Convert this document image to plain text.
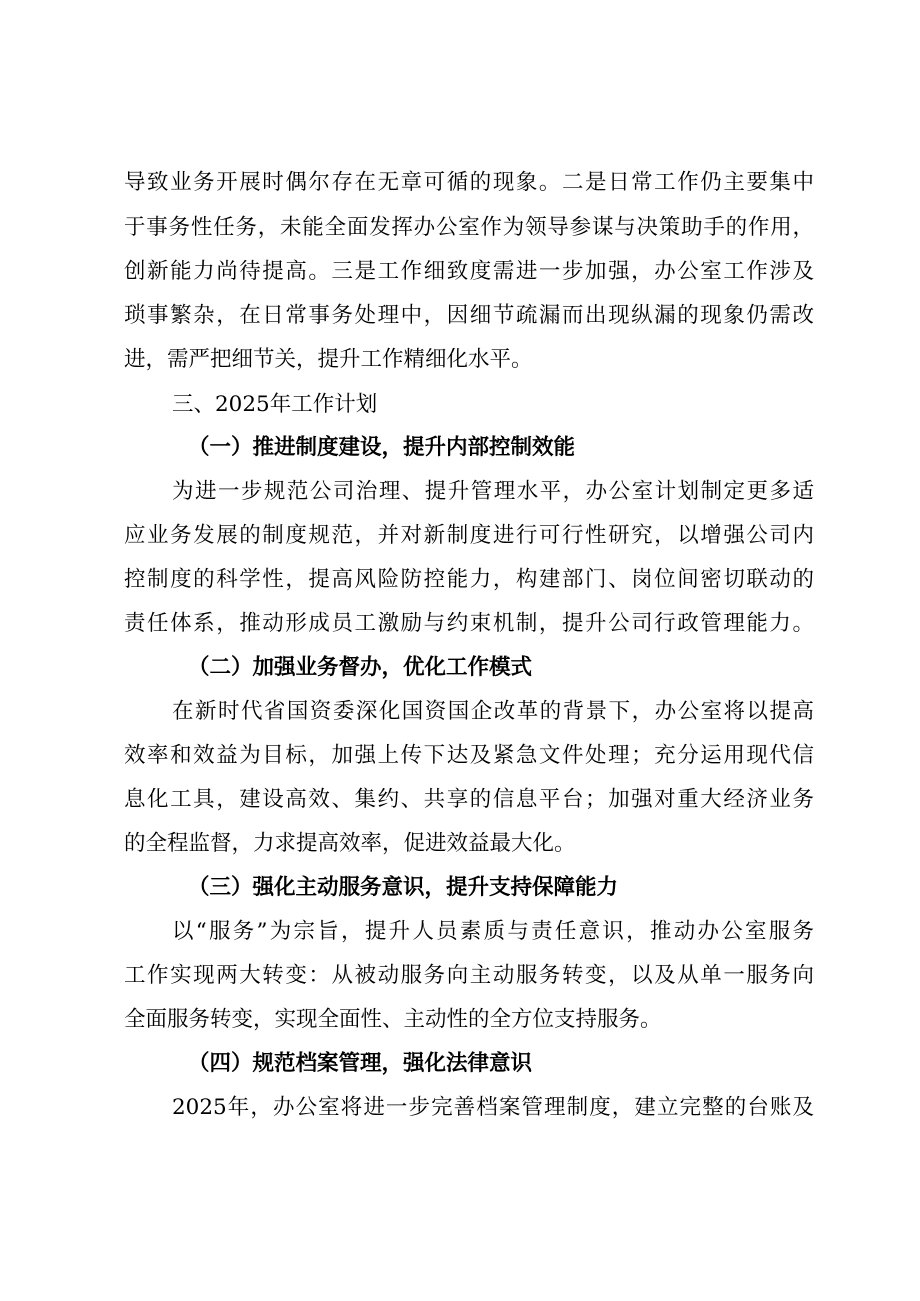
导致业务开展时偶尔存在无章可循的现象。二是日常工作仍主要集中
于事务性任务，未能全面发挥办公室作为领导参谋与决策助手的作用，
创新能力尚待提高。三是工作细致度需进一步加强，办公室工作涉及
琐事繁杂，在日常事务处理中，因细节疏漏而出现纵漏的现象仍需改
进，需严把细节关，提升工作精细化水平。
三、2025年工作计划
（一）推进制度建设，提升内部控制效能
为进一步规范公司治理、提升管理水平，办公室计划制定更多适
应业务发展的制度规范，并对新制度进行可行性研究，以增强公司内
控制度的科学性，提高风险防控能力，构建部门、岗位间密切联动的
责任体系，推动形成员工激励与约束机制，提升公司行政管理能力。
（二）加强业务督办，优化工作模式
在新时代省国资委深化国资国企改革的背景下，办公室将以提高
效率和效益为目标，加强上传下达及紧急文件处理；充分运用现代信
息化工具，建设高效、集约、共享的信息平台；加强对重大经济业务
的全程监督，力求提高效率，促进效益最大化。
（三）强化主动服务意识，提升支持保障能力
以“服务”为宗旨，提升人员素质与责任意识，推动办公室服务
工作实现两大转变：从被动服务向主动服务转变，以及从单一服务向
全面服务转变，实现全面性、主动性的全方位支持服务。
（四）规范档案管理，强化法律意识
2025年，办公室将进一步完善档案管理制度，建立完整的台账及
